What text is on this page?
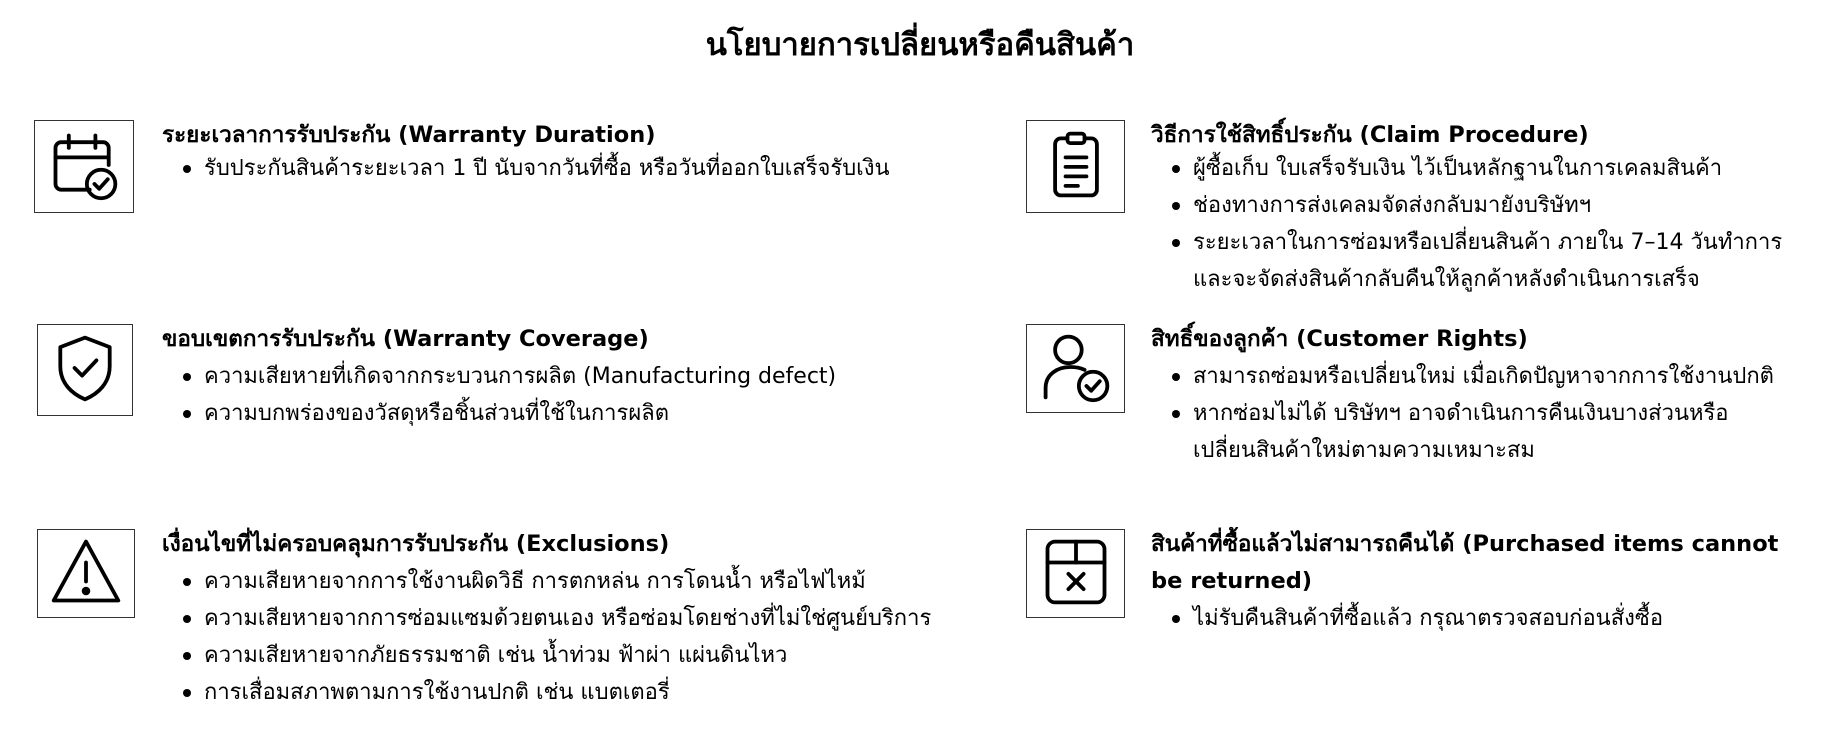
นโยบายการเปลี่ยนหรือคืนสินค้า
ระยะเวลาการรับประกัน (Warranty Duration)
รับประกันสินค้าระยะเวลา 1 ปี นับจากวันที่ซื้อ หรือวันที่ออกใบเสร็จรับเงิน
วิธีการใช้สิทธิ์ประกัน (Claim Procedure)
ผู้ซื้อเก็บ ใบเสร็จรับเงิน ไว้เป็นหลักฐานในการเคลมสินค้า
ช่องทางการส่งเคลมจัดส่งกลับมายังบริษัทฯ
ระยะเวลาในการซ่อมหรือเปลี่ยนสินค้า ภายใน 7–14 วันทำการ และจะจัดส่งสินค้ากลับคืนให้ลูกค้าหลังดำเนินการเสร็จ
ขอบเขตการรับประกัน (Warranty Coverage)
ความเสียหายที่เกิดจากกระบวนการผลิต (Manufacturing defect)
ความบกพร่องของวัสดุหรือชิ้นส่วนที่ใช้ในการผลิต
สิทธิ์ของลูกค้า (Customer Rights)
สามารถซ่อมหรือเปลี่ยนใหม่ เมื่อเกิดปัญหาจากการใช้งานปกติ
หากซ่อมไม่ได้ บริษัทฯ อาจดำเนินการคืนเงินบางส่วนหรือเปลี่ยนสินค้าใหม่ตามความเหมาะสม
เงื่อนไขที่ไม่ครอบคลุมการรับประกัน (Exclusions)
ความเสียหายจากการใช้งานผิดวิธี การตกหล่น การโดนน้ำ หรือไฟไหม้
ความเสียหายจากการซ่อมแซมด้วยตนเอง หรือซ่อมโดยช่างที่ไม่ใช่ศูนย์บริการ
ความเสียหายจากภัยธรรมชาติ เช่น น้ำท่วม ฟ้าผ่า แผ่นดินไหว
การเสื่อมสภาพตามการใช้งานปกติ เช่น แบตเตอรี่
สินค้าที่ซื้อแล้วไม่สามารถคืนได้ (Purchased items cannot be returned)
ไม่รับคืนสินค้าที่ซื้อแล้ว กรุณาตรวจสอบก่อนสั่งซื้อ
